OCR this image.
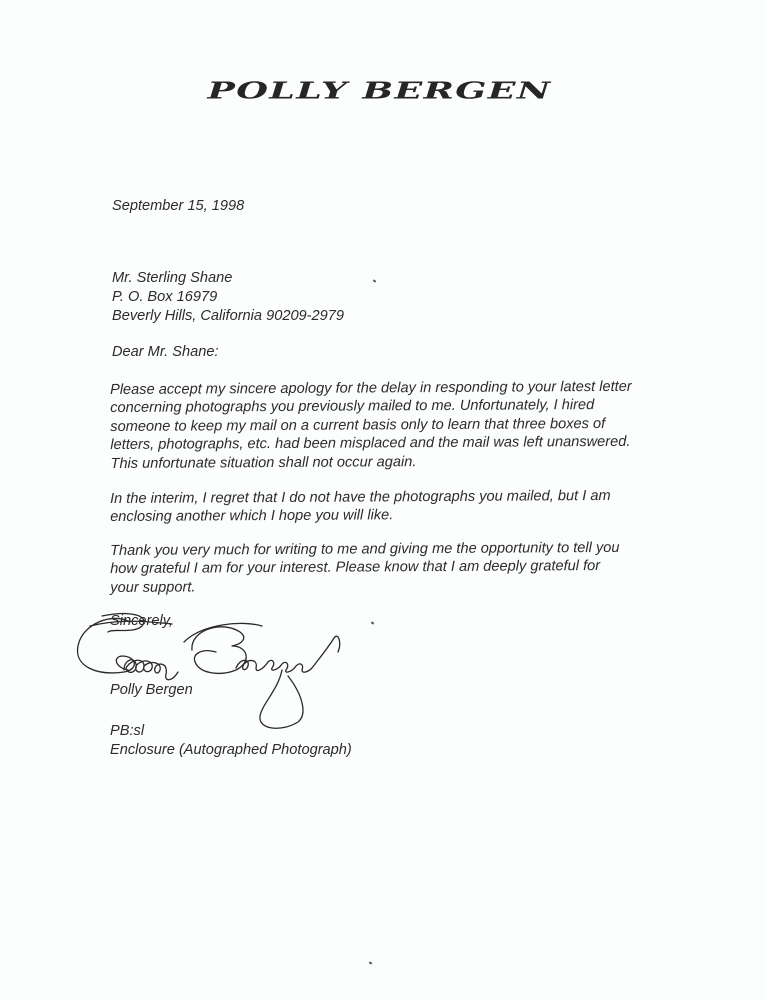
POLLY BERGEN
September 15, 1998
Mr. Sterling Shane
P. O. Box 16979
Beverly Hills, California 90209-2979
Dear Mr. Shane:
Please accept my sincere apology for the delay in responding to your latest letter
concerning photographs you previously mailed to me. Unfortunately, I hired
someone to keep my mail on a current basis only to learn that three boxes of
letters, photographs, etc. had been misplaced and the mail was left unanswered.
This unfortunate situation shall not occur again.
In the interim, I regret that I do not have the photographs you mailed, but I am
enclosing another which I hope you will like.
Thank you very much for writing to me and giving me the opportunity to tell you
how grateful I am for your interest. Please know that I am deeply grateful for
your support.
Sincerely,
Polly Bergen
PB:sl
Enclosure (Autographed Photograph)
